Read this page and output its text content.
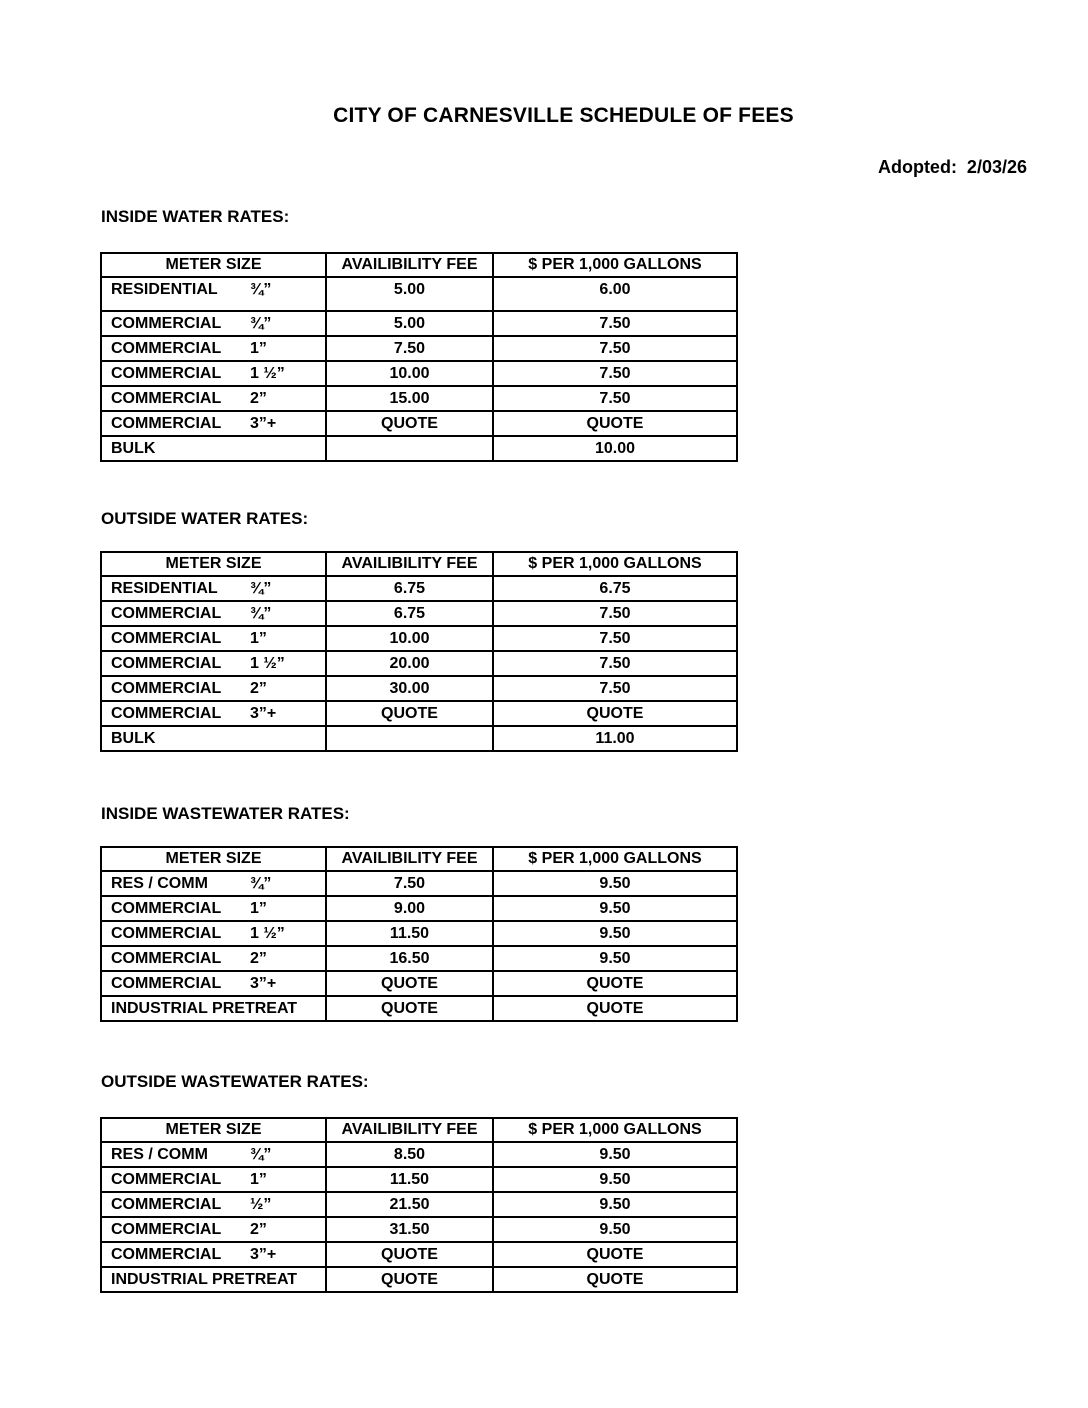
CITY OF CARNESVILLE SCHEDULE OF FEES
Adopted:  2/03/26
INSIDE WATER RATES:
METER SIZE	AVAILIBILITY FEE	$ PER 1,000 GALLONS
RESIDENTIAL ¾”	5.00	6.00
COMMERCIAL ¾”	5.00	7.50
COMMERCIAL 1”	7.50	7.50
COMMERCIAL 1 ½”	10.00	7.50
COMMERCIAL 2”	15.00	7.50
COMMERCIAL 3”+	QUOTE	QUOTE
BULK		10.00
OUTSIDE WATER RATES:
METER SIZE	AVAILIBILITY FEE	$ PER 1,000 GALLONS
RESIDENTIAL ¾”	6.75	6.75
COMMERCIAL ¾”	6.75	7.50
COMMERCIAL 1”	10.00	7.50
COMMERCIAL 1 ½”	20.00	7.50
COMMERCIAL 2”	30.00	7.50
COMMERCIAL 3”+	QUOTE	QUOTE
BULK		11.00
INSIDE WASTEWATER RATES:
METER SIZE	AVAILIBILITY FEE	$ PER 1,000 GALLONS
RES / COMM ¾”	7.50	9.50
COMMERCIAL 1”	9.00	9.50
COMMERCIAL 1 ½”	11.50	9.50
COMMERCIAL 2”	16.50	9.50
COMMERCIAL 3”+	QUOTE	QUOTE
INDUSTRIAL PRETREAT	QUOTE	QUOTE
OUTSIDE WASTEWATER RATES:
METER SIZE	AVAILIBILITY FEE	$ PER 1,000 GALLONS
RES / COMM ¾”	8.50	9.50
COMMERCIAL 1”	11.50	9.50
COMMERCIAL ½”	21.50	9.50
COMMERCIAL 2”	31.50	9.50
COMMERCIAL 3”+	QUOTE	QUOTE
INDUSTRIAL PRETREAT	QUOTE	QUOTE
